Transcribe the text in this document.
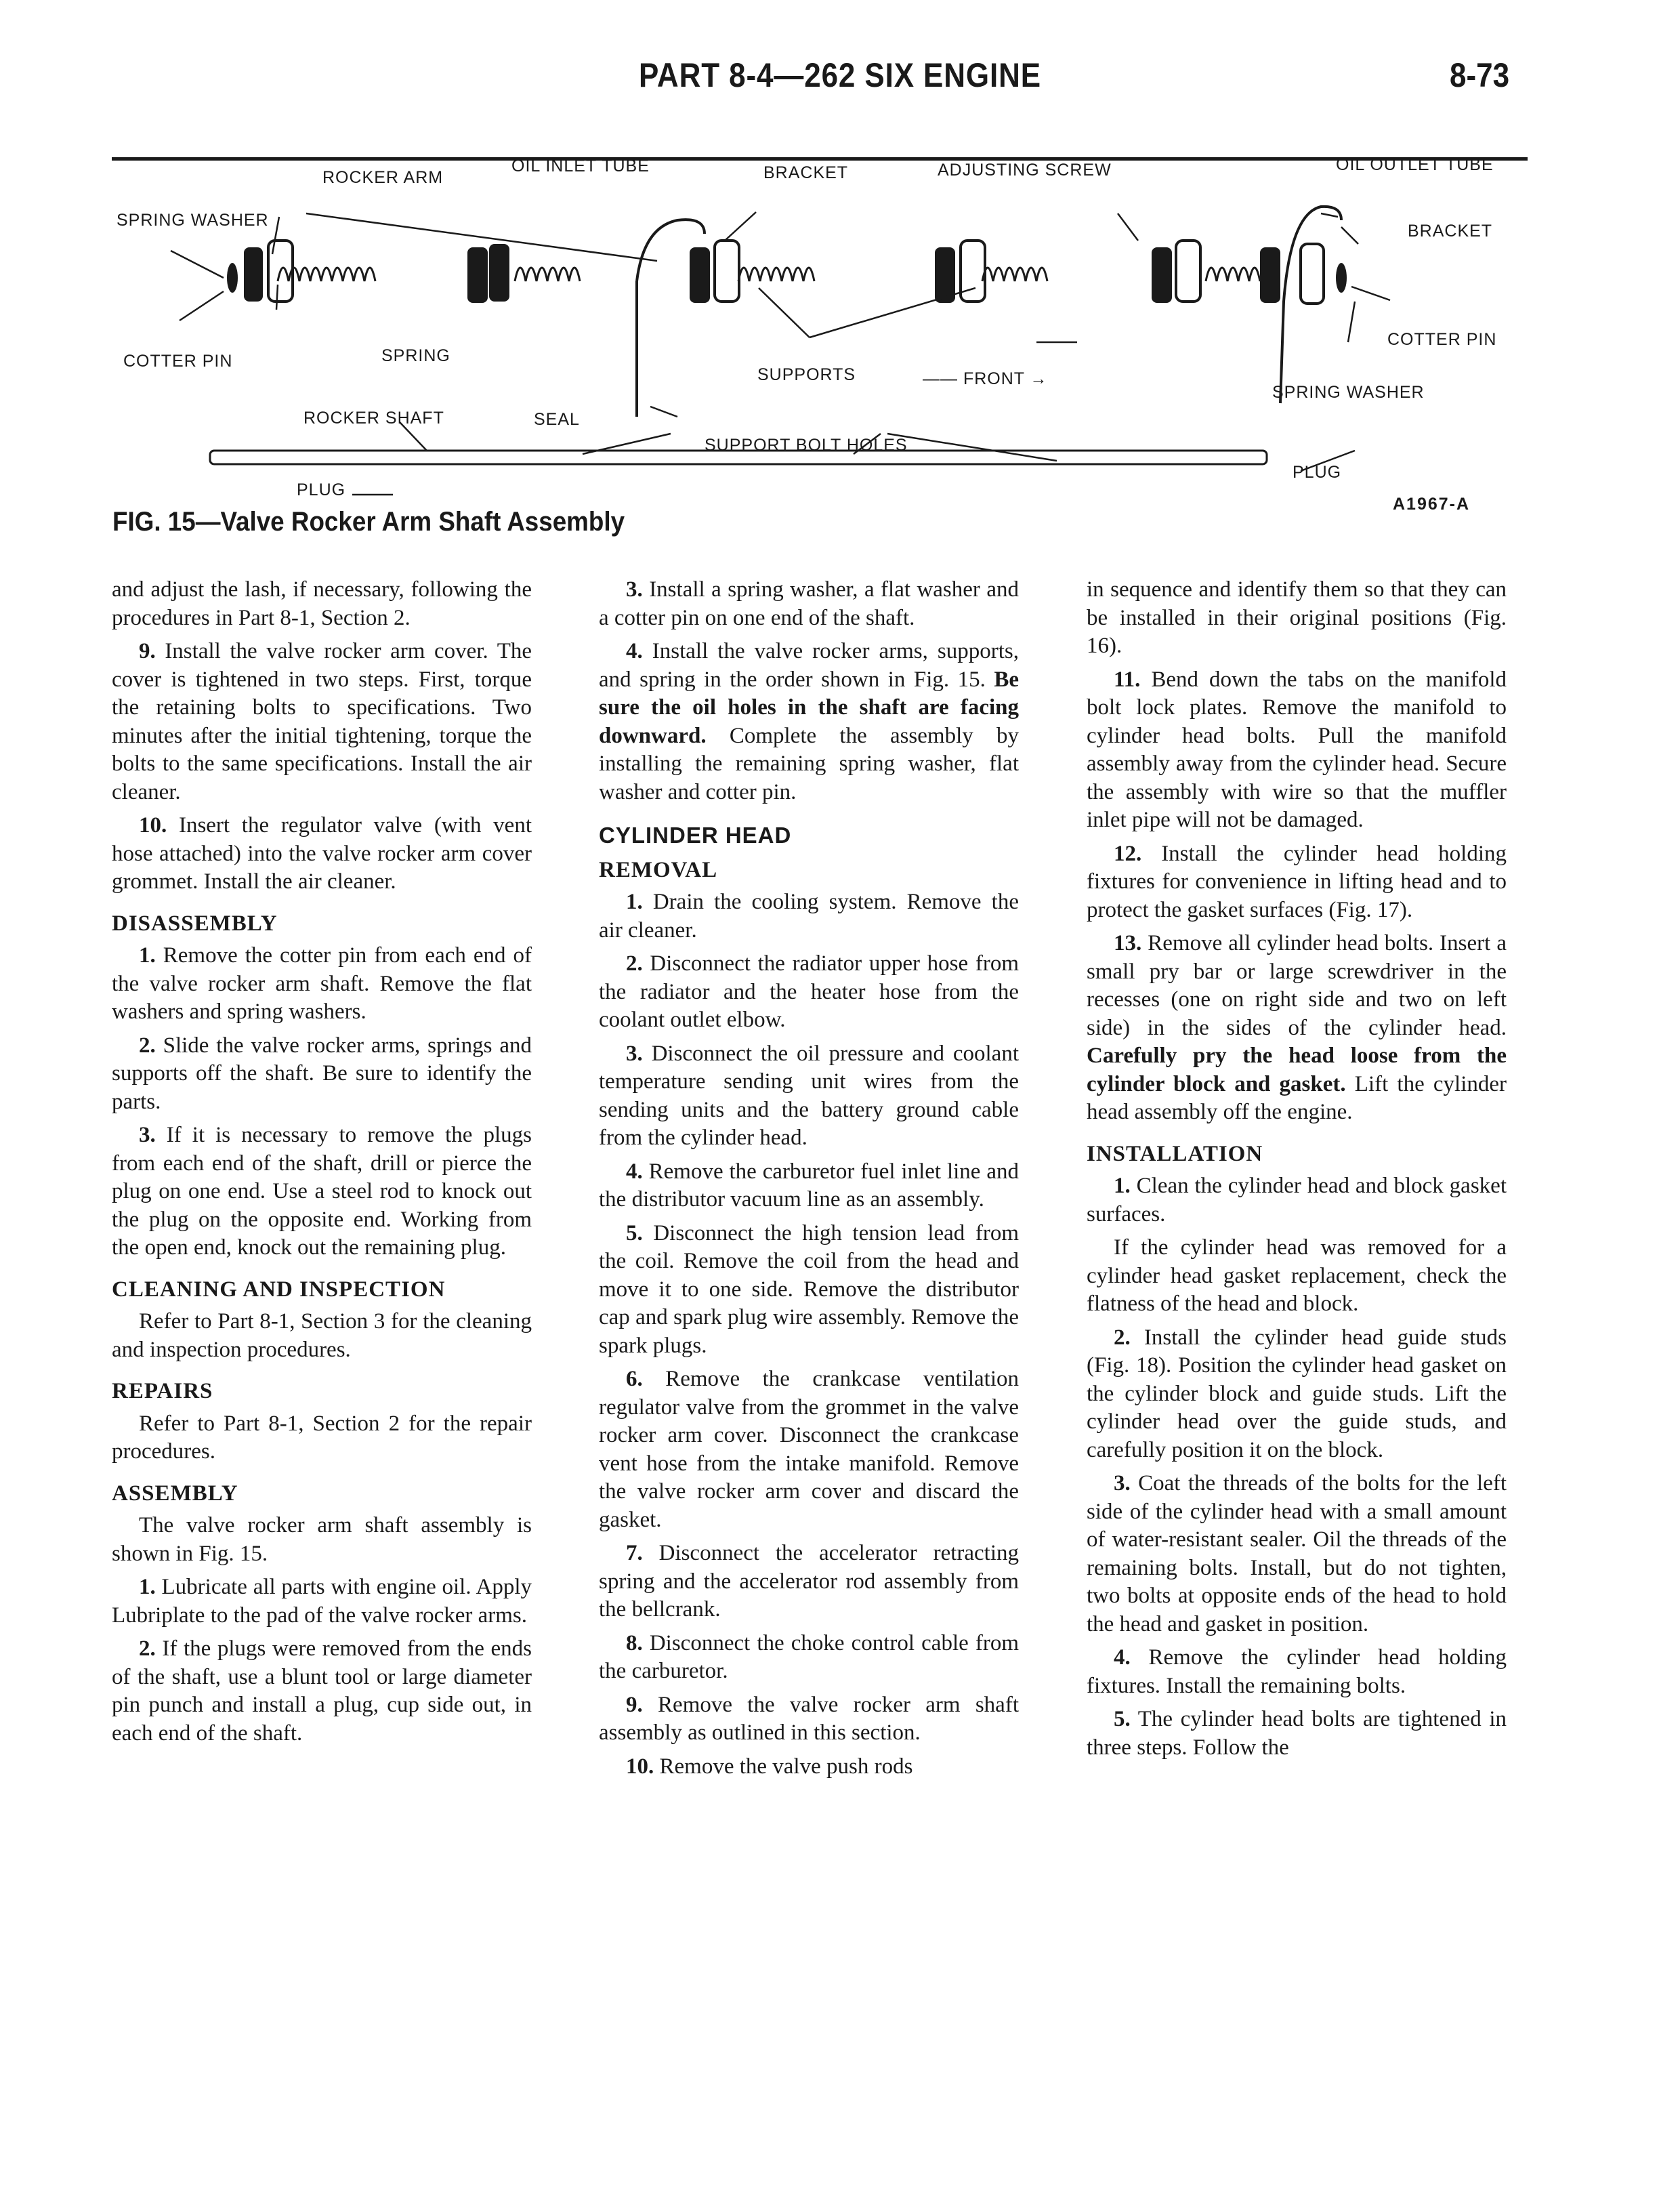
PART 8-4—262 SIX ENGINE	8-73
SPRING WASHER
ROCKER ARM
OIL INLET TUBE	BRACKET	ADJUSTING SCREW	OIL OUTLET TUBE
BRACKET
COTTER PIN	SPRING
SUPPORTS	—— FRONT →
COTTER PIN
SPRING WASHER
ROCKER SHAFT	SEAL
SUPPORT BOLT HOLES
PLUG
PLUG
FIG. 15—Valve Rocker Arm Shaft Assembly
A1967-A

and adjust the lash, if necessary, following the procedures in Part 8-1, Section 2.

9. Install the valve rocker arm cover. The cover is tightened in two steps. First, torque the retaining bolts to specifications. Two minutes after the initial tightening, torque the bolts to the same specifications. Install the air cleaner.

10. Insert the regulator valve (with vent hose attached) into the valve rocker arm cover grommet. Install the air cleaner.

DISASSEMBLY

1. Remove the cotter pin from each end of the valve rocker arm shaft. Remove the flat washers and spring washers.

2. Slide the valve rocker arms, springs and supports off the shaft. Be sure to identify the parts.

3. If it is necessary to remove the plugs from each end of the shaft, drill or pierce the plug on one end. Use a steel rod to knock out the plug on the opposite end. Working from the open end, knock out the remaining plug.

CLEANING AND INSPECTION

Refer to Part 8-1, Section 3 for the cleaning and inspection procedures.

REPAIRS

Refer to Part 8-1, Section 2 for the repair procedures.

ASSEMBLY

The valve rocker arm shaft assembly is shown in Fig. 15.

1. Lubricate all parts with engine oil. Apply Lubriplate to the pad of the valve rocker arms.

2. If the plugs were removed from the ends of the shaft, use a blunt tool or large diameter pin punch and install a plug, cup side out, in each end of the shaft.

3. Install a spring washer, a flat washer and a cotter pin on one end of the shaft.

4. Install the valve rocker arms, supports, and spring in the order shown in Fig. 15. Be sure the oil holes in the shaft are facing downward. Complete the assembly by installing the remaining spring washer, flat washer and cotter pin.

CYLINDER HEAD
REMOVAL

1. Drain the cooling system. Remove the air cleaner.

2. Disconnect the radiator upper hose from the radiator and the heater hose from the coolant outlet elbow.

3. Disconnect the oil pressure and coolant temperature sending unit wires from the sending units and the battery ground cable from the cylinder head.

4. Remove the carburetor fuel inlet line and the distributor vacuum line as an assembly.

5. Disconnect the high tension lead from the coil. Remove the coil from the head and move it to one side. Remove the distributor cap and spark plug wire assembly. Remove the spark plugs.

6. Remove the crankcase ventilation regulator valve from the grommet in the valve rocker arm cover. Disconnect the crankcase vent hose from the intake manifold. Remove the valve rocker arm cover and discard the gasket.

7. Disconnect the accelerator retracting spring and the accelerator rod assembly from the bellcrank.

8. Disconnect the choke control cable from the carburetor.

9. Remove the valve rocker arm shaft assembly as outlined in this section.

10. Remove the valve push rods

in sequence and identify them so that they can be installed in their original positions (Fig. 16).

11. Bend down the tabs on the manifold bolt lock plates. Remove the manifold to cylinder head bolts. Pull the manifold assembly away from the cylinder head. Secure the assembly with wire so that the muffler inlet pipe will not be damaged.

12. Install the cylinder head holding fixtures for convenience in lifting head and to protect the gasket surfaces (Fig. 17).

13. Remove all cylinder head bolts. Insert a small pry bar or large screwdriver in the recesses (one on right side and two on left side) in the sides of the cylinder head. Carefully pry the head loose from the cylinder block and gasket. Lift the cylinder head assembly off the engine.

INSTALLATION

1. Clean the cylinder head and block gasket surfaces.

If the cylinder head was removed for a cylinder head gasket replacement, check the flatness of the head and block.

2. Install the cylinder head guide studs (Fig. 18). Position the cylinder head gasket on the cylinder block and guide studs. Lift the cylinder head over the guide studs, and carefully position it on the block.

3. Coat the threads of the bolts for the left side of the cylinder head with a small amount of water-resistant sealer. Oil the threads of the remaining bolts. Install, but do not tighten, two bolts at opposite ends of the head to hold the head and gasket in position.

4. Remove the cylinder head holding fixtures. Install the remaining bolts.

5. The cylinder head bolts are tightened in three steps. Follow the
